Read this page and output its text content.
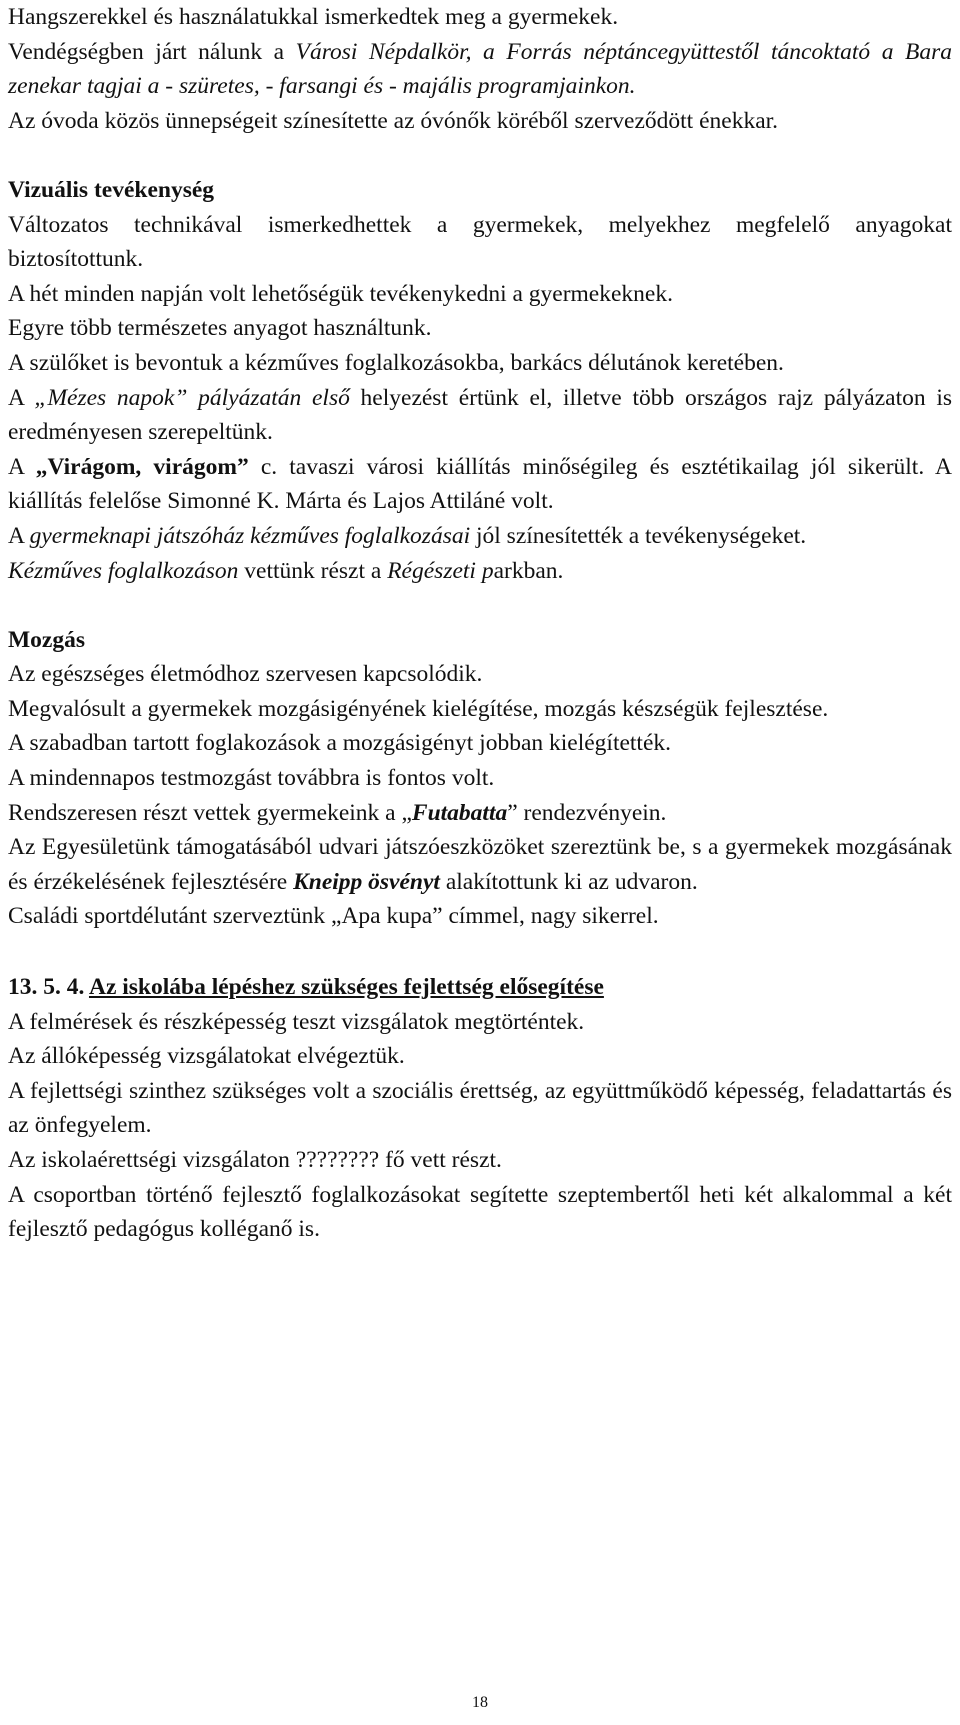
Hangszerekkel és használatukkal ismerkedtek meg a gyermekek.

Vendégségben járt nálunk a Városi Népdalkör, a Forrás néptáncegyüttestől táncoktató a Bara zenekar tagjai a - szüretes, - farsangi és - majális programjainkon.

Az óvoda közös ünnepségeit színesítette az óvónők köréből szerveződött énekkar.

Vizuális tevékenység

Változatos technikával ismerkedhettek a gyermekek, melyekhez megfelelő anyagokat biztosítottunk.

A hét minden napján volt lehetőségük tevékenykedni a gyermekeknek.

Egyre több természetes anyagot használtunk.

A szülőket is bevontuk a kézműves foglalkozásokba, barkács délutánok keretében.

A „Mézes napok” pályázatán első helyezést értünk el, illetve több országos rajz pályázaton is eredményesen szerepeltünk.

A „Virágom, virágom” c. tavaszi városi kiállítás minőségileg és esztétikailag jól sikerült. A kiállítás felelőse Simonné K. Márta és Lajos Attiláné volt.

A gyermeknapi játszóház kézműves foglalkozásai jól színesítették a tevékenységeket.

Kézműves foglalkozáson vettünk részt a Régészeti parkban.

Mozgás

Az egészséges életmódhoz szervesen kapcsolódik.

Megvalósult a gyermekek mozgásigényének kielégítése, mozgás készségük fejlesztése.

A szabadban tartott foglakozások a mozgásigényt jobban kielégítették.

A mindennapos testmozgást továbbra is fontos volt.

Rendszeresen részt vettek gyermekeink a „Futabatta” rendezvényein.

Az Egyesületünk támogatásából udvari játszóeszközöket szereztünk be, s a gyermekek mozgásának és érzékelésének fejlesztésére Kneipp ösvényt alakítottunk ki az udvaron.

Családi sportdélutánt szerveztünk „Apa kupa” címmel, nagy sikerrel.

13. 5. 4. Az iskolába lépéshez szükséges fejlettség elősegítése

A felmérések és részképesség teszt vizsgálatok megtörténtek.

Az állóképesség vizsgálatokat elvégeztük.

A fejlettségi szinthez szükséges volt a szociális érettség, az együttműködő képesség, feladattartás és az önfegyelem.

Az iskolaérettségi vizsgálaton ???????? fő vett részt.

A csoportban történő fejlesztő foglalkozásokat segítette szeptembertől heti két alkalommal a két fejlesztő pedagógus kolléganő is.

18
